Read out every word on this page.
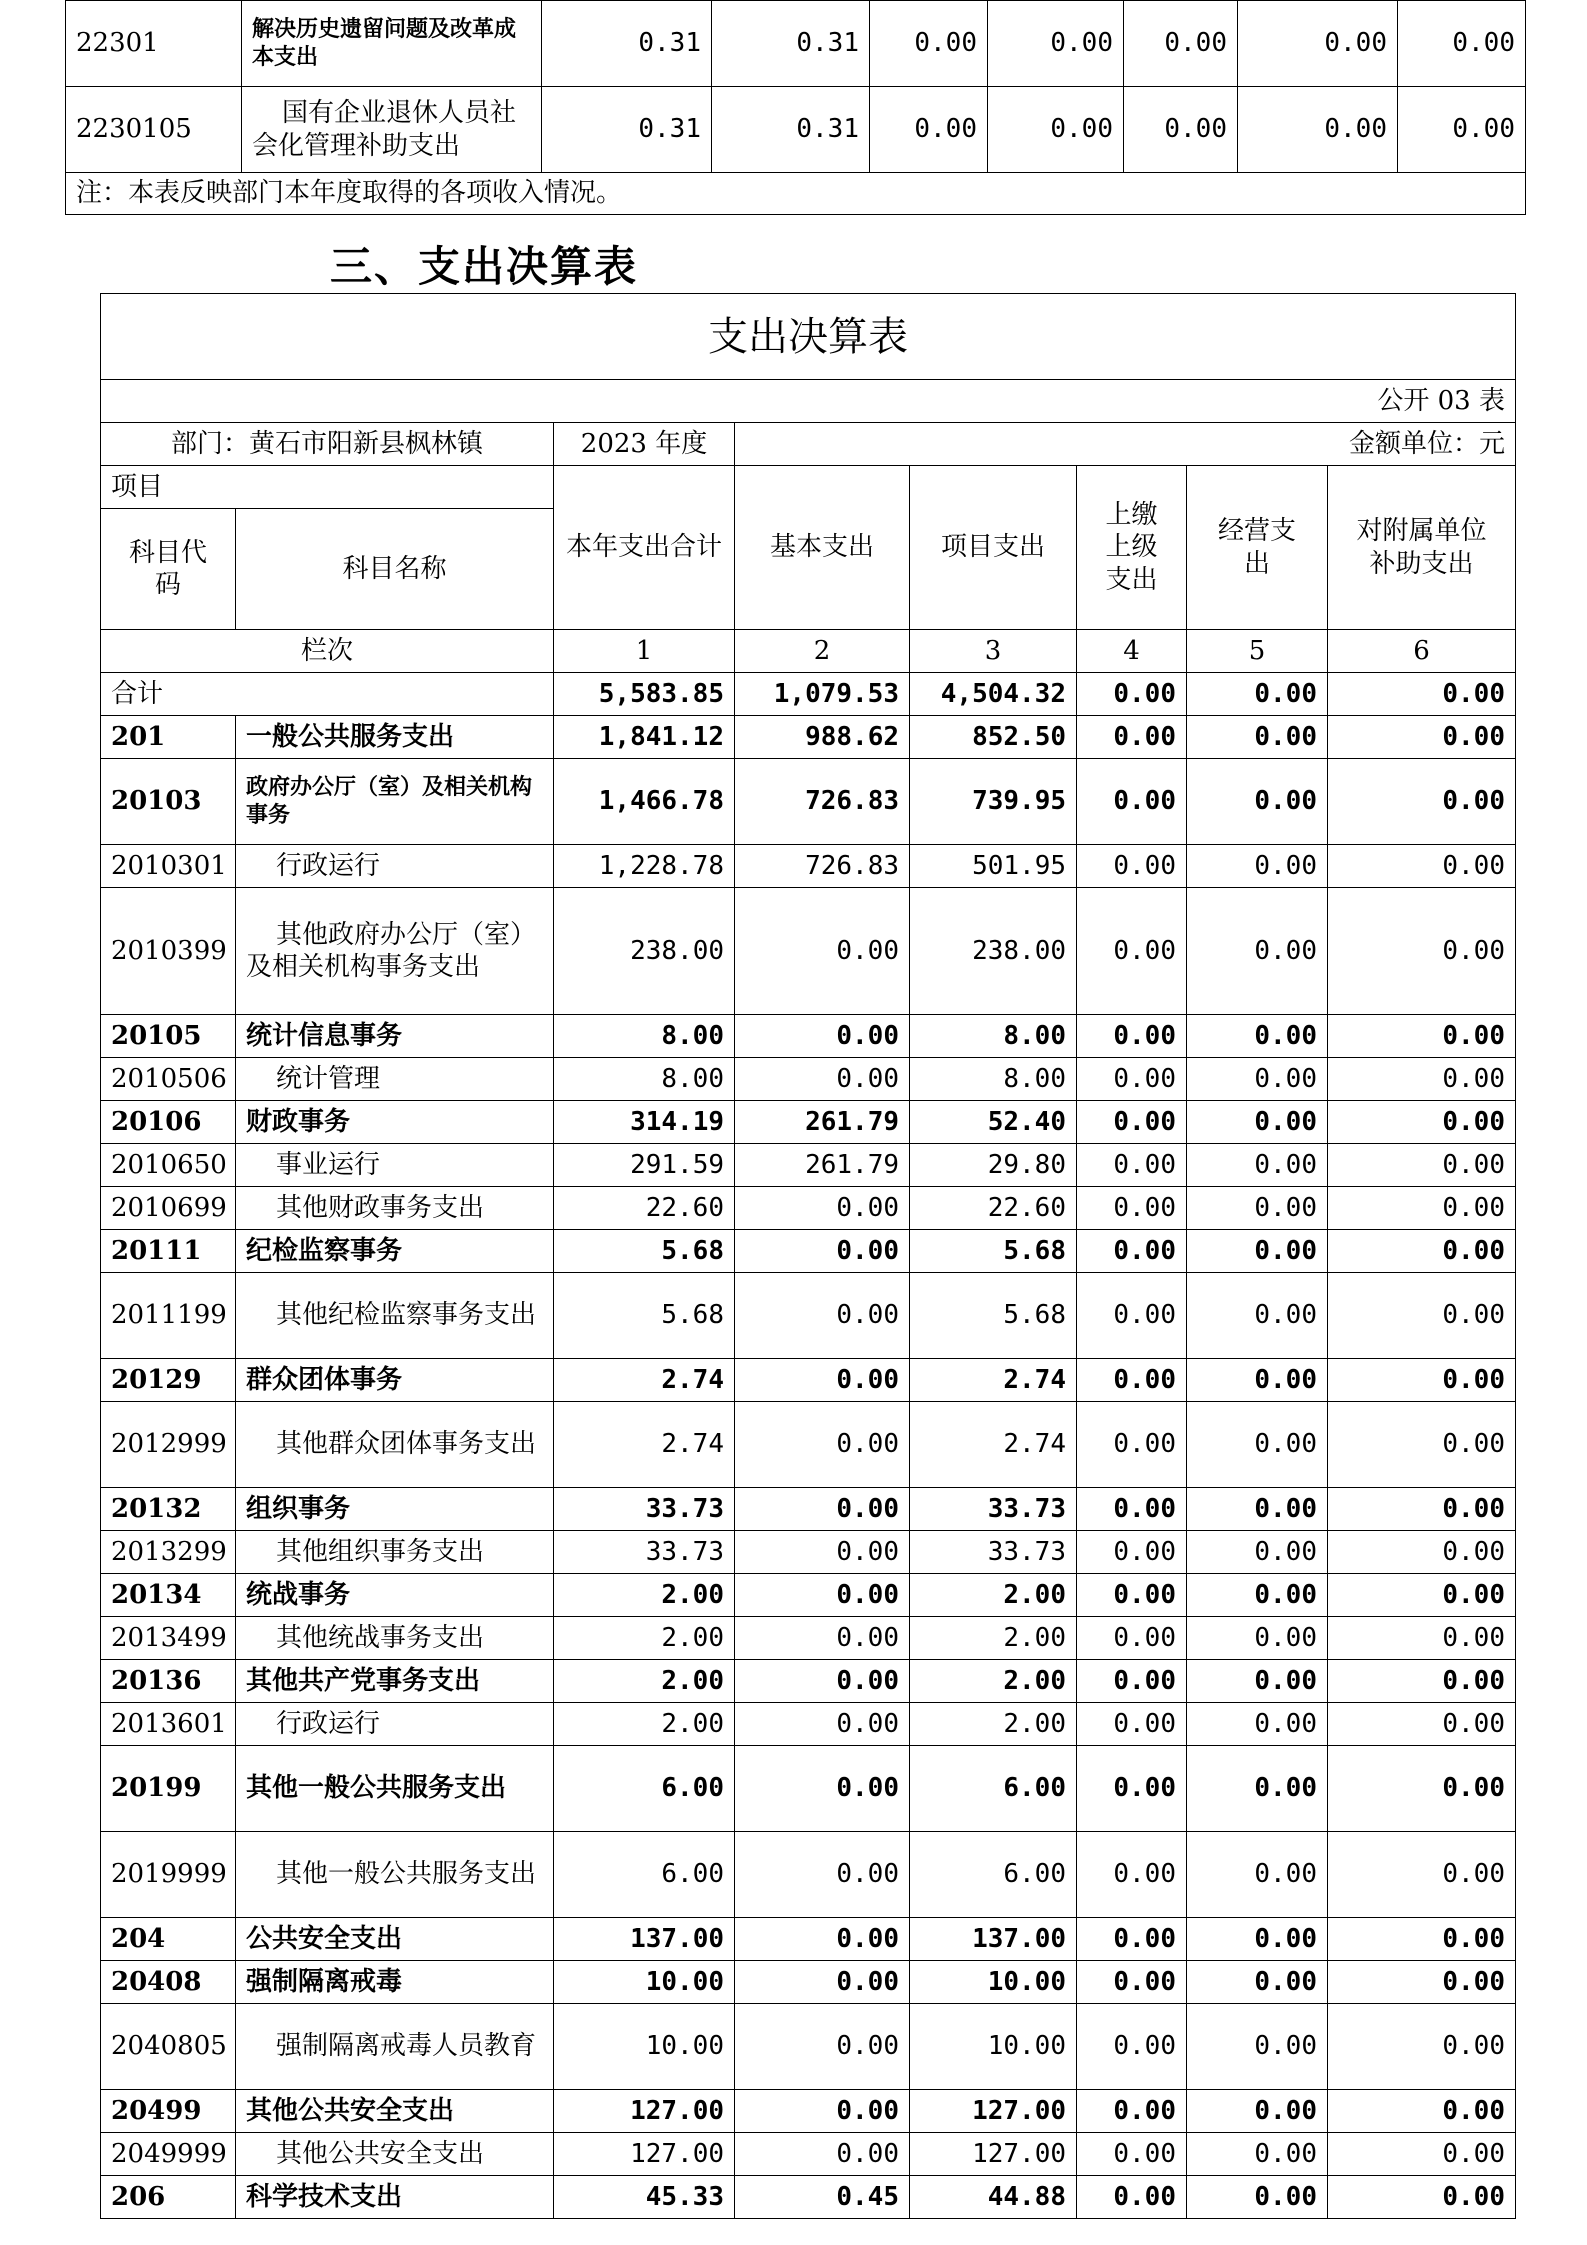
22301	解决历史遗留问题及改革成本支出	0.31	0.31	0.00	0.00	0.00	0.00	0.00
2230105	国有企业退休人员社会化管理补助支出	0.31	0.31	0.00	0.00	0.00	0.00	0.00
注：本表反映部门本年度取得的各项收入情况。								
三、支出决算表
支出决算表							
公开 03 表							
部门：黄石市阳新县枫林镇		2023 年度	金额单位：元				
项目		本年支出合计	基本支出	项目支出	上缴上级支出	经营支出	对附属单位补助支出
科目代码	科目名称						
栏次		1	2	3	4	5	6
合计		5,583.85	1,079.53	4,504.32	0.00	0.00	0.00
201	一般公共服务支出	1,841.12	988.62	852.50	0.00	0.00	0.00
20103	政府办公厅（室）及相关机构事务	1,466.78	726.83	739.95	0.00	0.00	0.00
2010301	行政运行	1,228.78	726.83	501.95	0.00	0.00	0.00
2010399	其他政府办公厅（室）及相关机构事务支出	238.00	0.00	238.00	0.00	0.00	0.00
20105	统计信息事务	8.00	0.00	8.00	0.00	0.00	0.00
2010506	统计管理	8.00	0.00	8.00	0.00	0.00	0.00
20106	财政事务	314.19	261.79	52.40	0.00	0.00	0.00
2010650	事业运行	291.59	261.79	29.80	0.00	0.00	0.00
2010699	其他财政事务支出	22.60	0.00	22.60	0.00	0.00	0.00
20111	纪检监察事务	5.68	0.00	5.68	0.00	0.00	0.00
2011199	其他纪检监察事务支出	5.68	0.00	5.68	0.00	0.00	0.00
20129	群众团体事务	2.74	0.00	2.74	0.00	0.00	0.00
2012999	其他群众团体事务支出	2.74	0.00	2.74	0.00	0.00	0.00
20132	组织事务	33.73	0.00	33.73	0.00	0.00	0.00
2013299	其他组织事务支出	33.73	0.00	33.73	0.00	0.00	0.00
20134	统战事务	2.00	0.00	2.00	0.00	0.00	0.00
2013499	其他统战事务支出	2.00	0.00	2.00	0.00	0.00	0.00
20136	其他共产党事务支出	2.00	0.00	2.00	0.00	0.00	0.00
2013601	行政运行	2.00	0.00	2.00	0.00	0.00	0.00
20199	其他一般公共服务支出	6.00	0.00	6.00	0.00	0.00	0.00
2019999	其他一般公共服务支出	6.00	0.00	6.00	0.00	0.00	0.00
204	公共安全支出	137.00	0.00	137.00	0.00	0.00	0.00
20408	强制隔离戒毒	10.00	0.00	10.00	0.00	0.00	0.00
2040805	强制隔离戒毒人员教育	10.00	0.00	10.00	0.00	0.00	0.00
20499	其他公共安全支出	127.00	0.00	127.00	0.00	0.00	0.00
2049999	其他公共安全支出	127.00	0.00	127.00	0.00	0.00	0.00
206	科学技术支出	45.33	0.45	44.88	0.00	0.00	0.00
